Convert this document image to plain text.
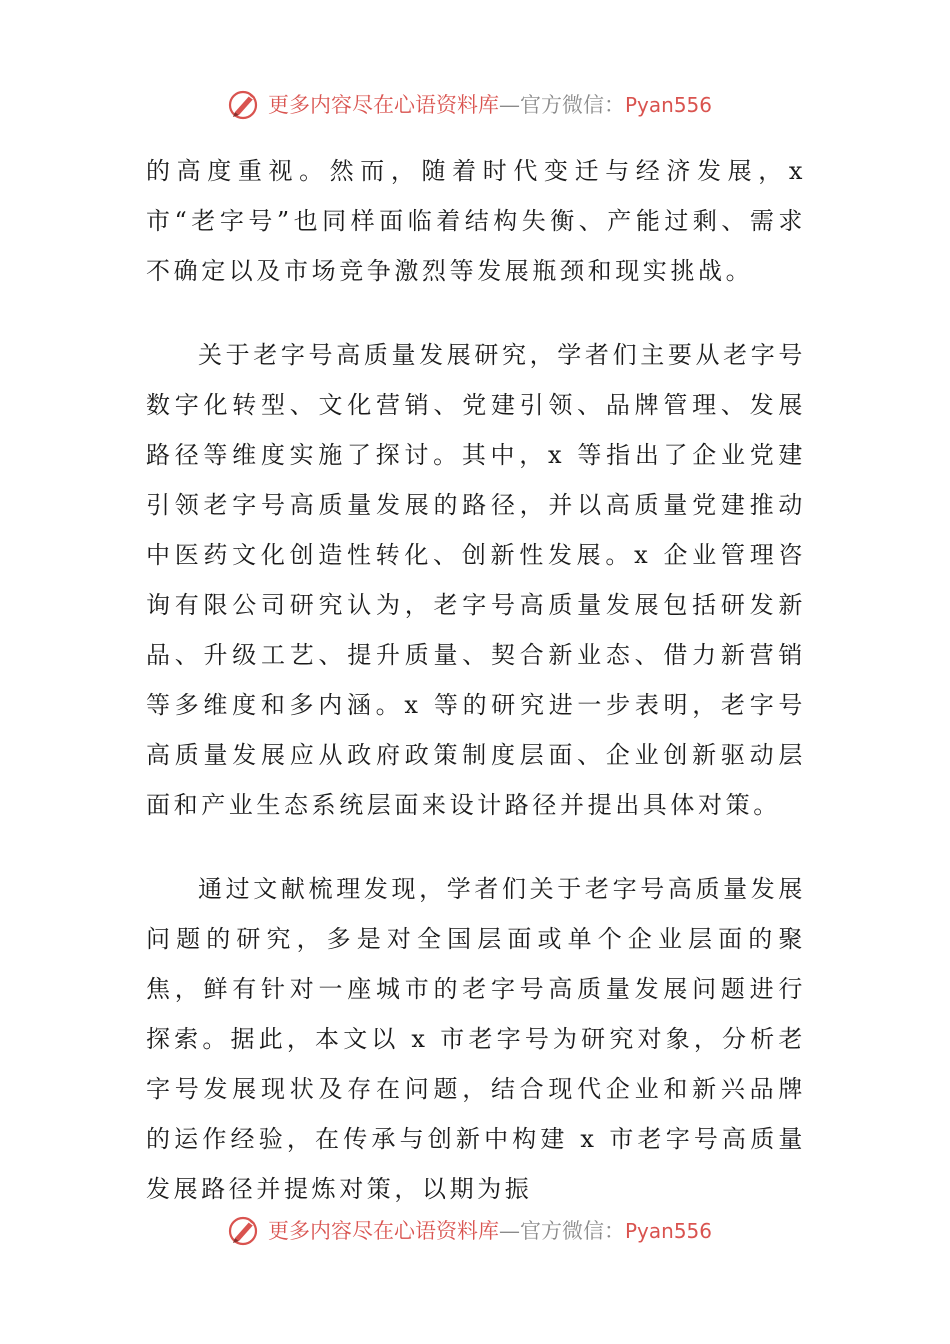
更多内容尽在心语资料库—官方微信：Pyan556

的高度重视。然而，随着时代变迁与经济发展，x 市“老字号”也同样面临着结构失衡、产能过剩、需求不确定以及市场竞争激烈等发展瓶颈和现实挑战。

关于老字号高质量发展研究，学者们主要从老字号数字化转型、文化营销、党建引领、品牌管理、发展路径等维度实施了探讨。其中，x 等指出了企业党建引领老字号高质量发展的路径，并以高质量党建推动中医药文化创造性转化、创新性发展。x 企业管理咨询有限公司研究认为，老字号高质量发展包括研发新品、升级工艺、提升质量、契合新业态、借力新营销等多维度和多内涵。x 等的研究进一步表明，老字号高质量发展应从政府政策制度层面、企业创新驱动层面和产业生态系统层面来设计路径并提出具体对策。

通过文献梳理发现，学者们关于老字号高质量发展问题的研究，多是对全国层面或单个企业层面的聚焦，鲜有针对一座城市的老字号高质量发展问题进行探索。据此，本文以 x 市老字号为研究对象，分析老字号发展现状及存在问题，结合现代企业和新兴品牌的运作经验，在传承与创新中构建 x 市老字号高质量发展路径并提炼对策，以期为振

更多内容尽在心语资料库—官方微信：Pyan556
